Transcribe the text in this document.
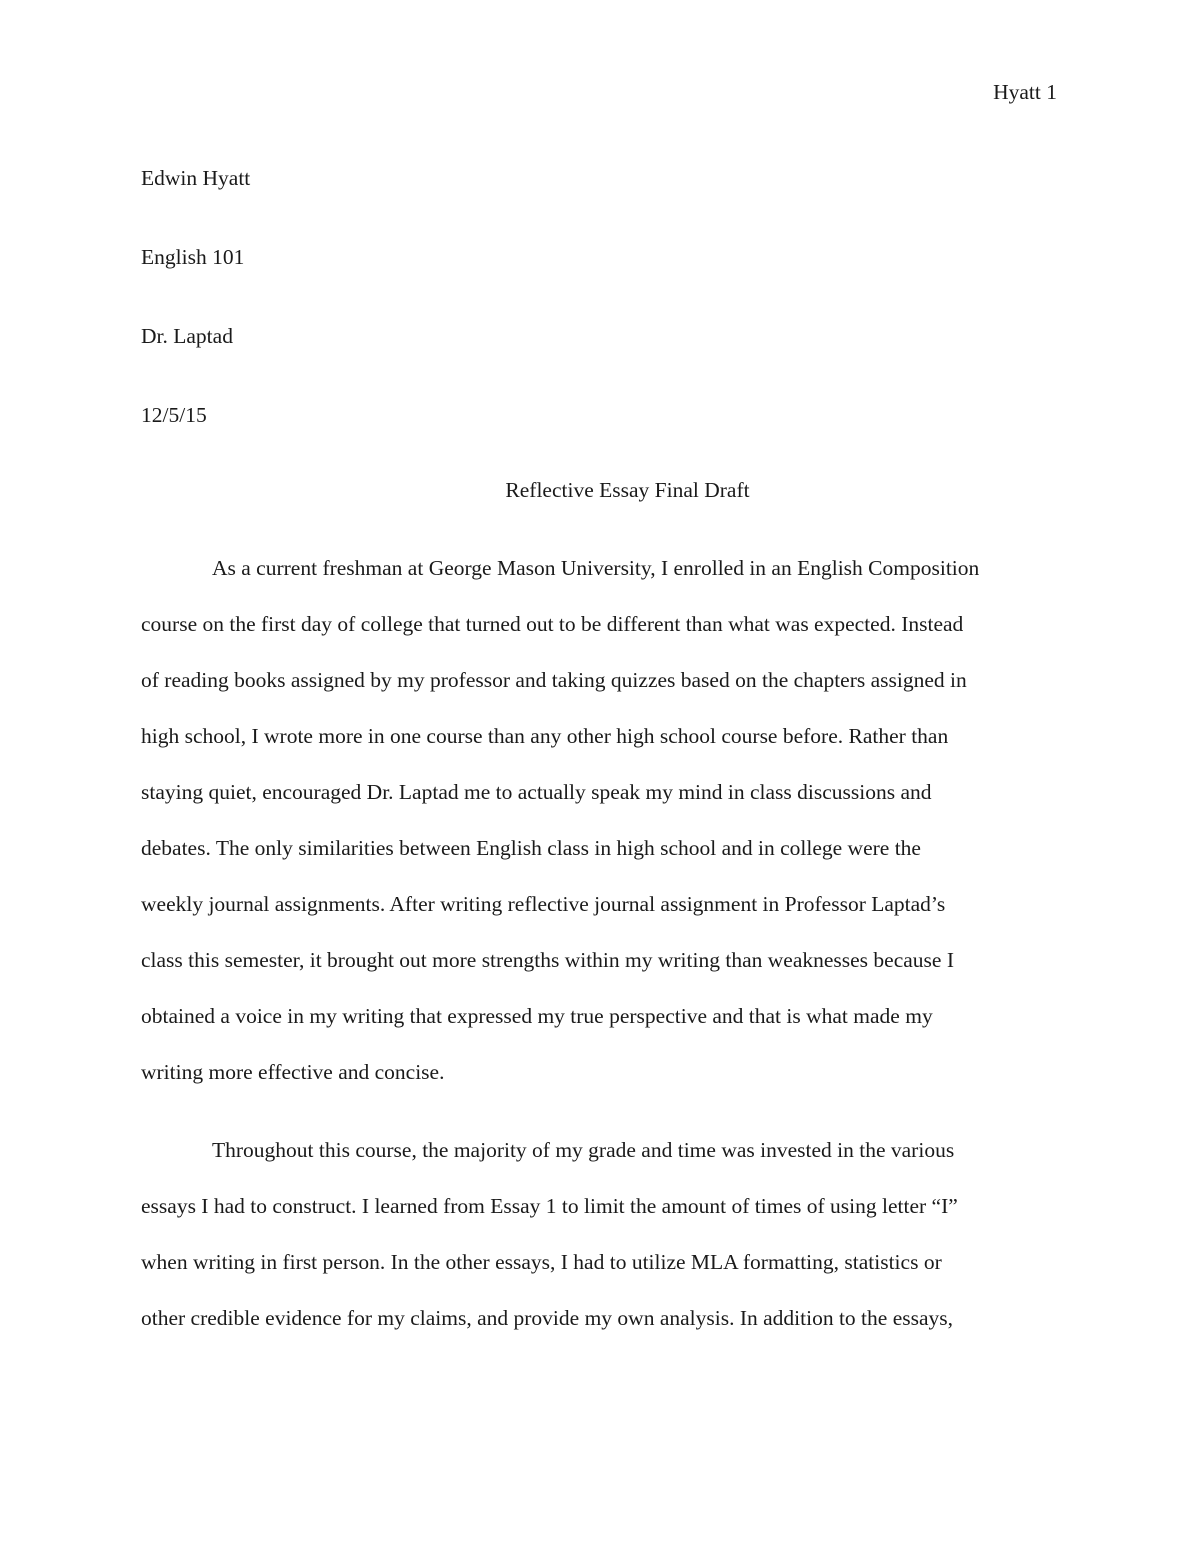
Hyatt 1
Edwin Hyatt
English 101
Dr. Laptad
12/5/15
Reflective Essay Final Draft
As a current freshman at George Mason University, I enrolled in an English Composition
course on the first day of college that turned out to be different than what was expected. Instead
of reading books assigned by my professor and taking quizzes based on the chapters assigned in
high school, I wrote more in one course than any other high school course before. Rather than
staying quiet, encouraged Dr. Laptad me to actually speak my mind in class discussions and
debates. The only similarities between English class in high school and in college were the
weekly journal assignments. After writing reflective journal assignment in Professor Laptad’s
class this semester, it brought out more strengths within my writing than weaknesses because I
obtained a voice in my writing that expressed my true perspective and that is what made my
writing more effective and concise.
Throughout this course, the majority of my grade and time was invested in the various
essays I had to construct. I learned from Essay 1 to limit the amount of times of using letter “I”
when writing in first person. In the other essays, I had to utilize MLA formatting, statistics or
other credible evidence for my claims, and provide my own analysis. In addition to the essays,
